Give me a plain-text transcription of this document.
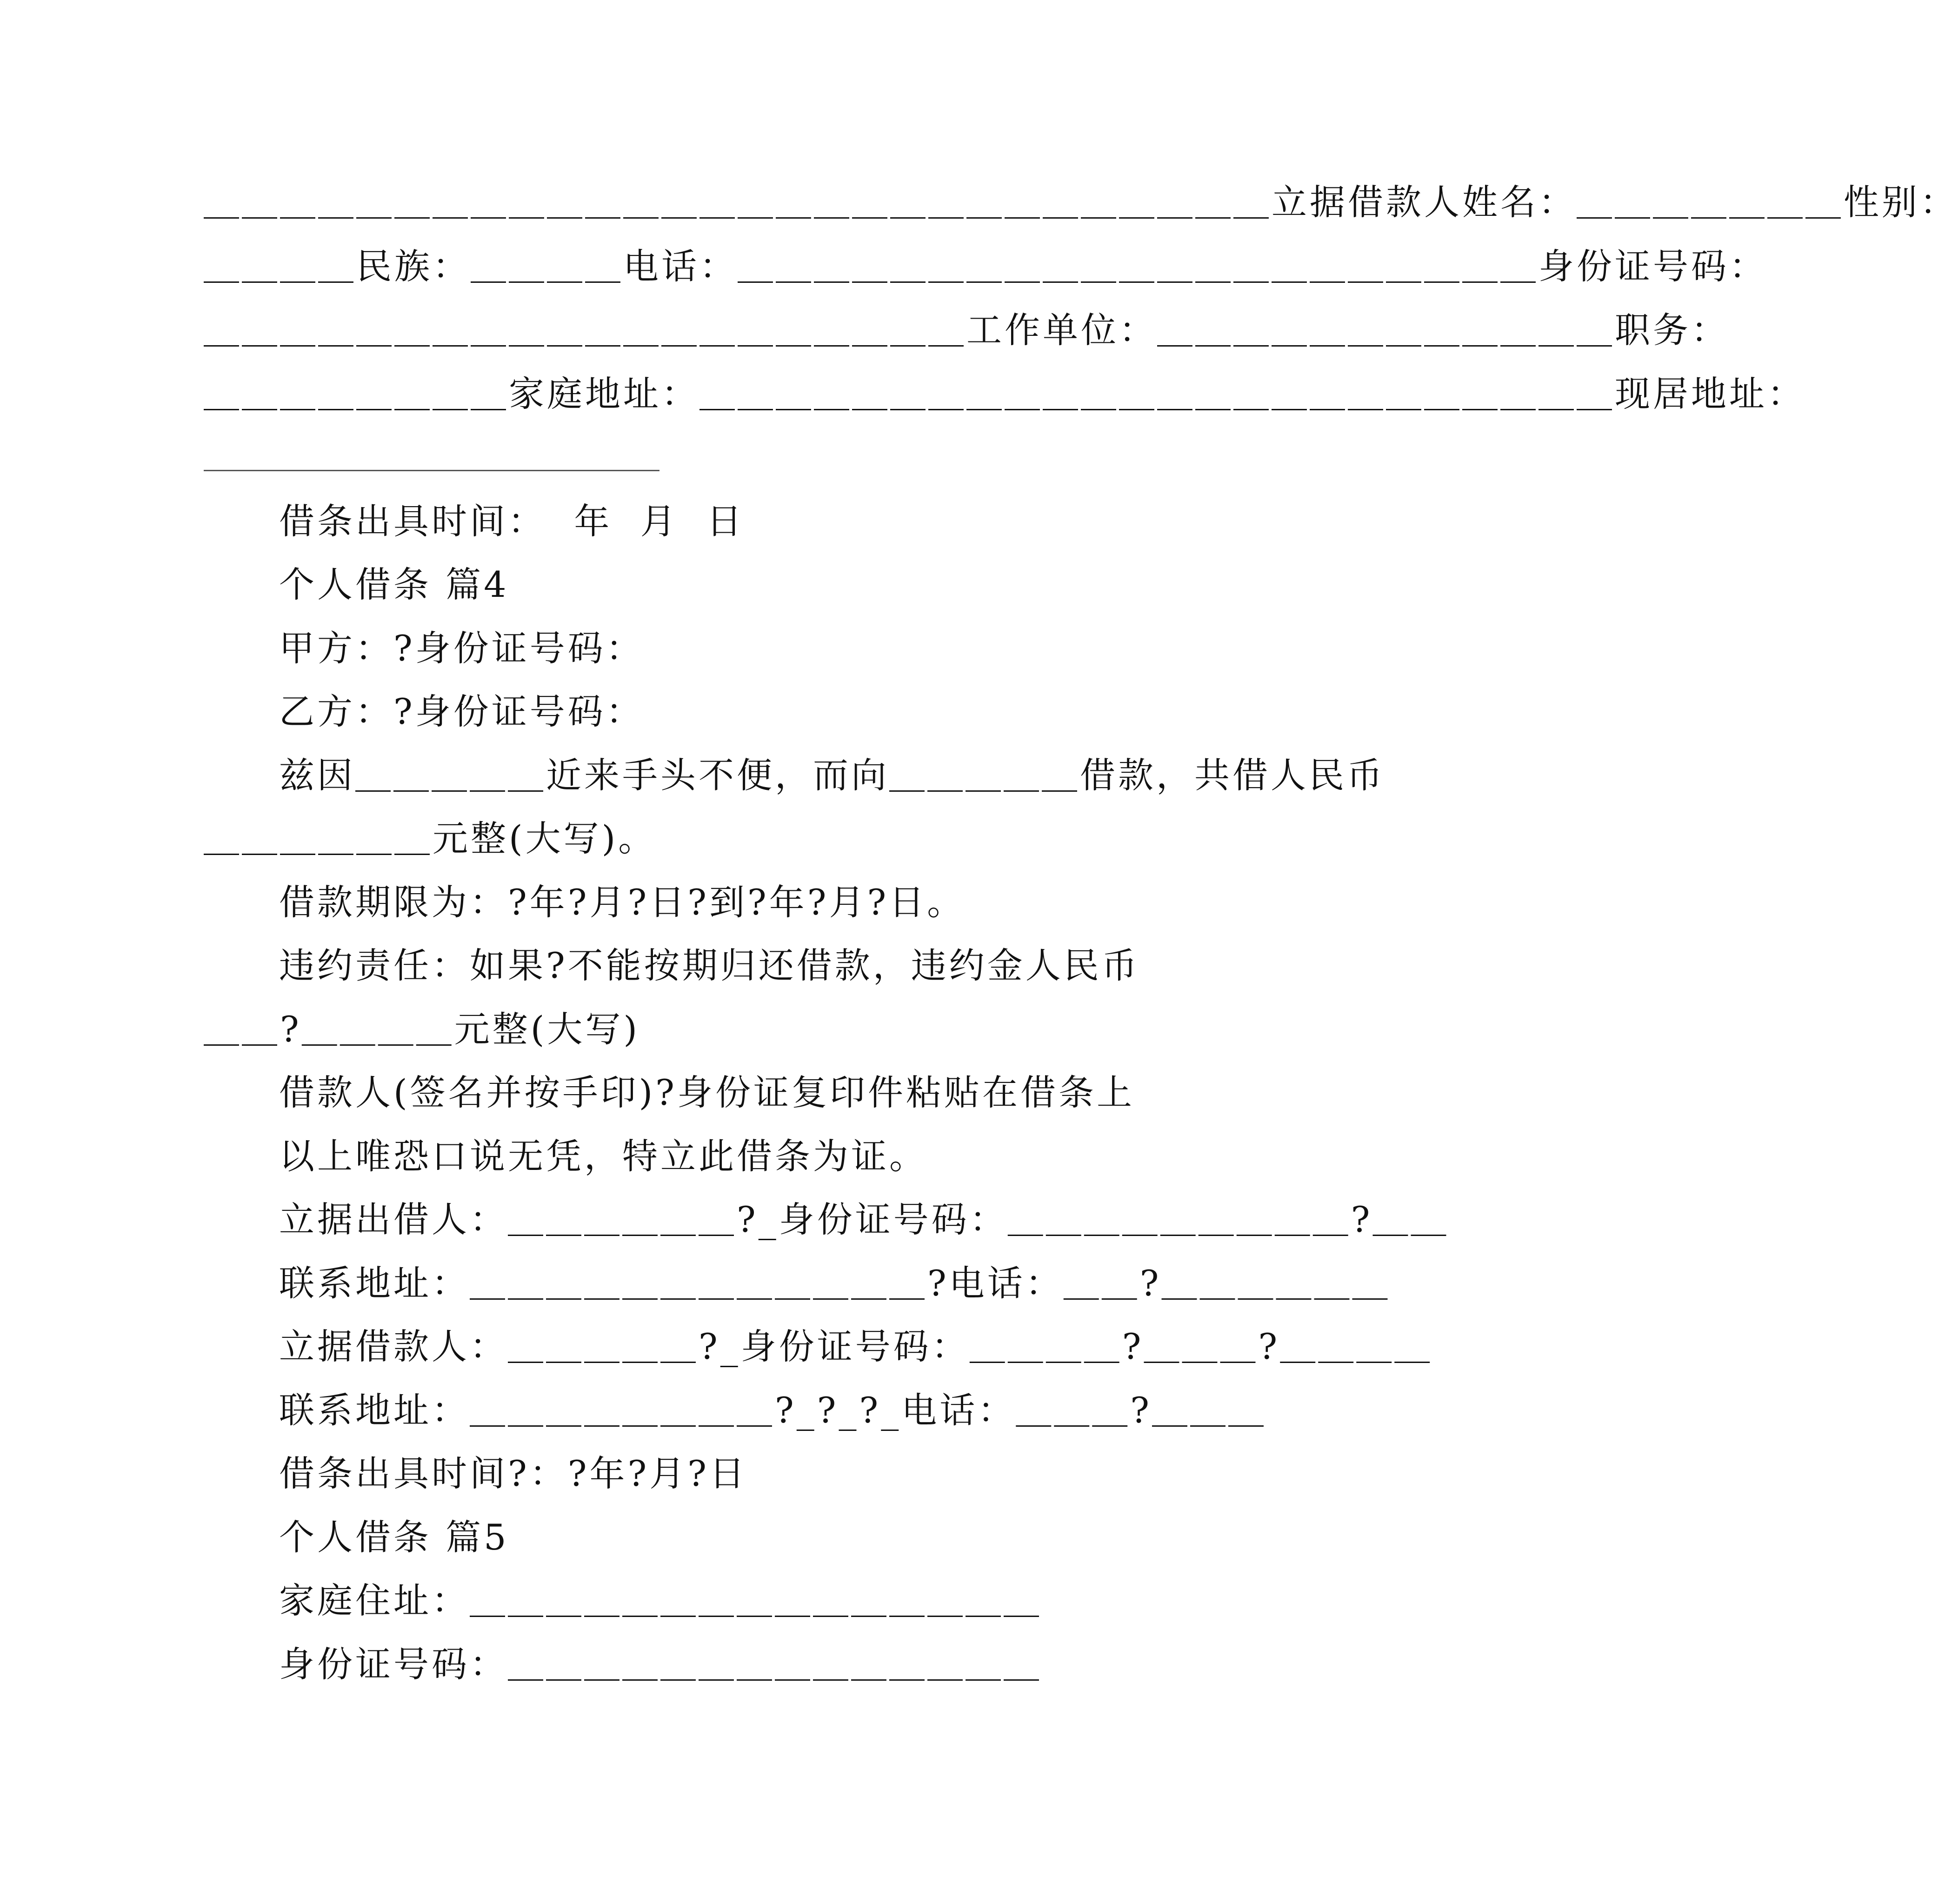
＿＿＿＿＿＿＿＿＿＿＿＿＿＿＿＿＿＿＿＿＿＿＿＿＿＿＿＿立据借款人姓名：＿＿＿＿＿＿＿性别：
＿＿＿＿民族：＿＿＿＿电话：＿＿＿＿＿＿＿＿＿＿＿＿＿＿＿＿＿＿＿＿＿身份证号码：
＿＿＿＿＿＿＿＿＿＿＿＿＿＿＿＿＿＿＿＿工作单位：＿＿＿＿＿＿＿＿＿＿＿＿职务：
＿＿＿＿＿＿＿＿家庭地址：＿＿＿＿＿＿＿＿＿＿＿＿＿＿＿＿＿＿＿＿＿＿＿＿现居地址：
借条出具时间：  年  月  日
个人借条 篇4
甲方：?身份证号码：
乙方：?身份证号码：
兹因＿＿＿＿＿近来手头不便，而向＿＿＿＿＿借款，共借人民币
＿＿＿＿＿＿元整(大写)。
借款期限为：?年?月?日?到?年?月?日。
违约责任：如果?不能按期归还借款，违约金人民币
＿＿?＿＿＿＿元整(大写)
借款人(签名并按手印)?身份证复印件粘贴在借条上
以上唯恐口说无凭，特立此借条为证。
立据出借人：＿＿＿＿＿＿?_身份证号码：＿＿＿＿＿＿＿＿＿?＿＿
联系地址：＿＿＿＿＿＿＿＿＿＿＿＿?电话：＿＿?＿＿＿＿＿＿
立据借款人：＿＿＿＿＿?_身份证号码：＿＿＿＿?＿＿＿?＿＿＿＿
联系地址：＿＿＿＿＿＿＿＿?_?_?_电话：＿＿＿?＿＿＿
借条出具时间?：?年?月?日
个人借条 篇5
家庭住址：＿＿＿＿＿＿＿＿＿＿＿＿＿＿＿
身份证号码：＿＿＿＿＿＿＿＿＿＿＿＿＿＿
